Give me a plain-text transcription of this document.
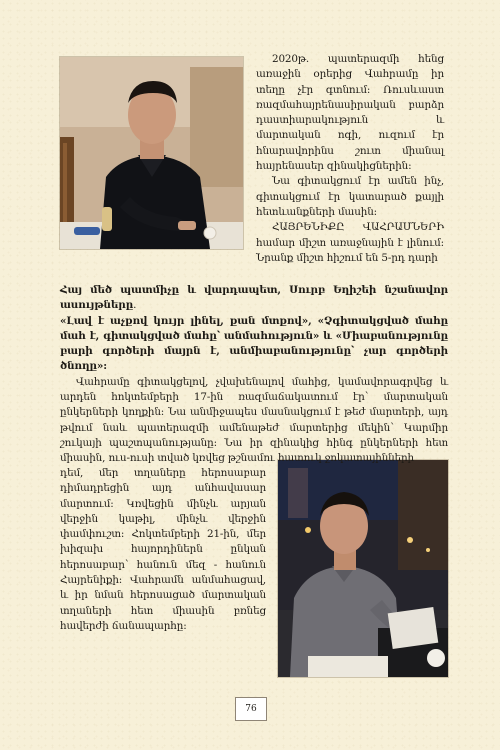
2020թ. պատերազմի հենց առաջին օրերից Վահրամը իր տեղը չէր գտնում: Ռուսևաստ ռազմահայրենասիրական բարձր դաստիարակություն և մարտական ոգի, ուզում էր հնարավորինս շուտ միանալ հայրենասեր զինակիցներին:

Նա գիտակցում էր ամեն ինչ, գիտակցում էր կատարած քայլի հետևանքների մասին:

ՀԱՅՐԵՆԻՔԸ ՎԱՀՐԱՄՆԵՐԻ համար միշտ առաջնային է լինում: Նրանք միշտ հիշում են 5-րդ դարի

Հայ մեծ պատմիչը և վարդապետ, Սուրբ Եղիշեի նշանավոր ասույթները.

«Լավ է աչքով կույր լինել, քան մտքով», «Չգիտակցված մահը մահ է, գիտակցված մահը՝ անմահություն» և «Միաբանությունը բարի գործերի մայրն է, անմիաբանությունը՝ չար գործերի ծնողը»:

Վահրամը գիտակցելով, չվախենալով մահից, կամավորագրվեց և արդեն հոկտեմբերի 17-ին ռազմաճակատում էր՝ մարտական ընկերների կողքին: Նա անմիջապես մասնակցում է թեժ մարտերի, այդ թվում նաև պատերազմի ամենաթեժ մարտերից մեկին՝ Կարմիր շուկայի պաշտպանությանը: Նա իր զինակից հինգ ընկերների հետ միասին, ուս-ուսի տված կռվեց թշնամու հատուկ ջոկատայինների

դեմ, մեր տղաները հերոսաբար դիմադրեցին այդ անհավասար մարտում: Կռվեցին մինչև արյան վերջին կաթիլ, մինչև վերջին փամփուշտ: Հոկտեմբերի 21-ին, մեր խիզախ հայորդիներն ընկան հերոսաբար՝ հանուն մեզ - հանուն Հայրենիքի: Վահրամն անմահացավ, և իր նման հերոսացած մարտական տղաների հետ միասին բռնեց հավերժի ճանապարհը:

76
